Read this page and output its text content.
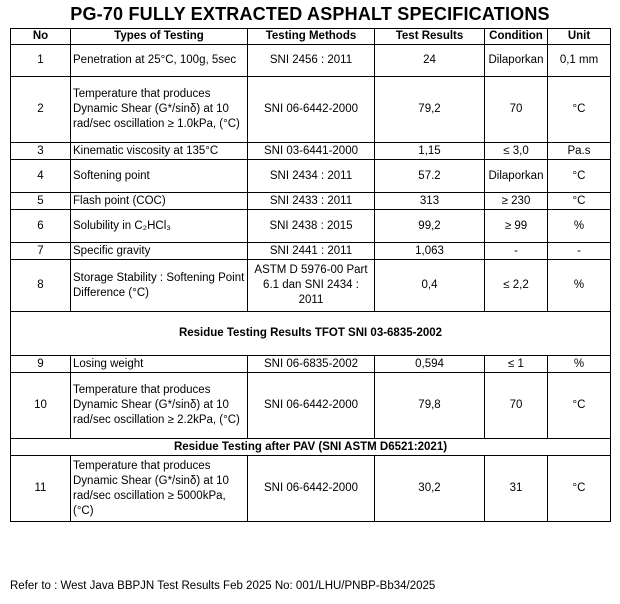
PG-70 FULLY EXTRACTED ASPHALT SPECIFICATIONS
No	Types of Testing	Testing Methods	Test Results	Condition	Unit
1	Penetration at 25°C, 100g, 5sec	SNI 2456 : 2011	24	Dilaporkan	0,1 mm
2	Temperature that produces Dynamic Shear (G*/sinδ) at 10 rad/sec oscillation ≥ 1.0kPa, (°C)	SNI 06-6442-2000	79,2	70	°C
3	Kinematic viscosity at 135°C	SNI 03-6441-2000	1,15	≤ 3,0	Pa.s
4	Softening point	SNI 2434 : 2011	57.2	Dilaporkan	°C
5	Flash point (COC)	SNI 2433 : 2011	313	≥ 230	°C
6	Solubility in C₂HCl₃	SNI 2438 : 2015	99,2	≥ 99	%
7	Specific gravity	SNI 2441 : 2011	1,063	-	-
8	Storage Stability : Softening Point Difference (°C)	ASTM D 5976-00 Part 6.1 dan SNI 2434 : 2011	0,4	≤ 2,2	%
Residue Testing Results TFOT SNI 03-6835-2002					
9	Losing weight	SNI 06-6835-2002	0,594	≤ 1	%
10	Temperature that produces Dynamic Shear (G*/sinδ) at 10 rad/sec oscillation ≥ 2.2kPa, (°C)	SNI 06-6442-2000	79,8	70	°C
Residue Testing after PAV (SNI ASTM D6521:2021)					
11	Temperature that produces Dynamic Shear (G*/sinδ) at 10 rad/sec oscillation ≥ 5000kPa, (°C)	SNI 06-6442-2000	30,2	31	°C
Refer to : West Java BBPJN Test Results Feb 2025 No: 001/LHU/PNBP-Bb34/2025
